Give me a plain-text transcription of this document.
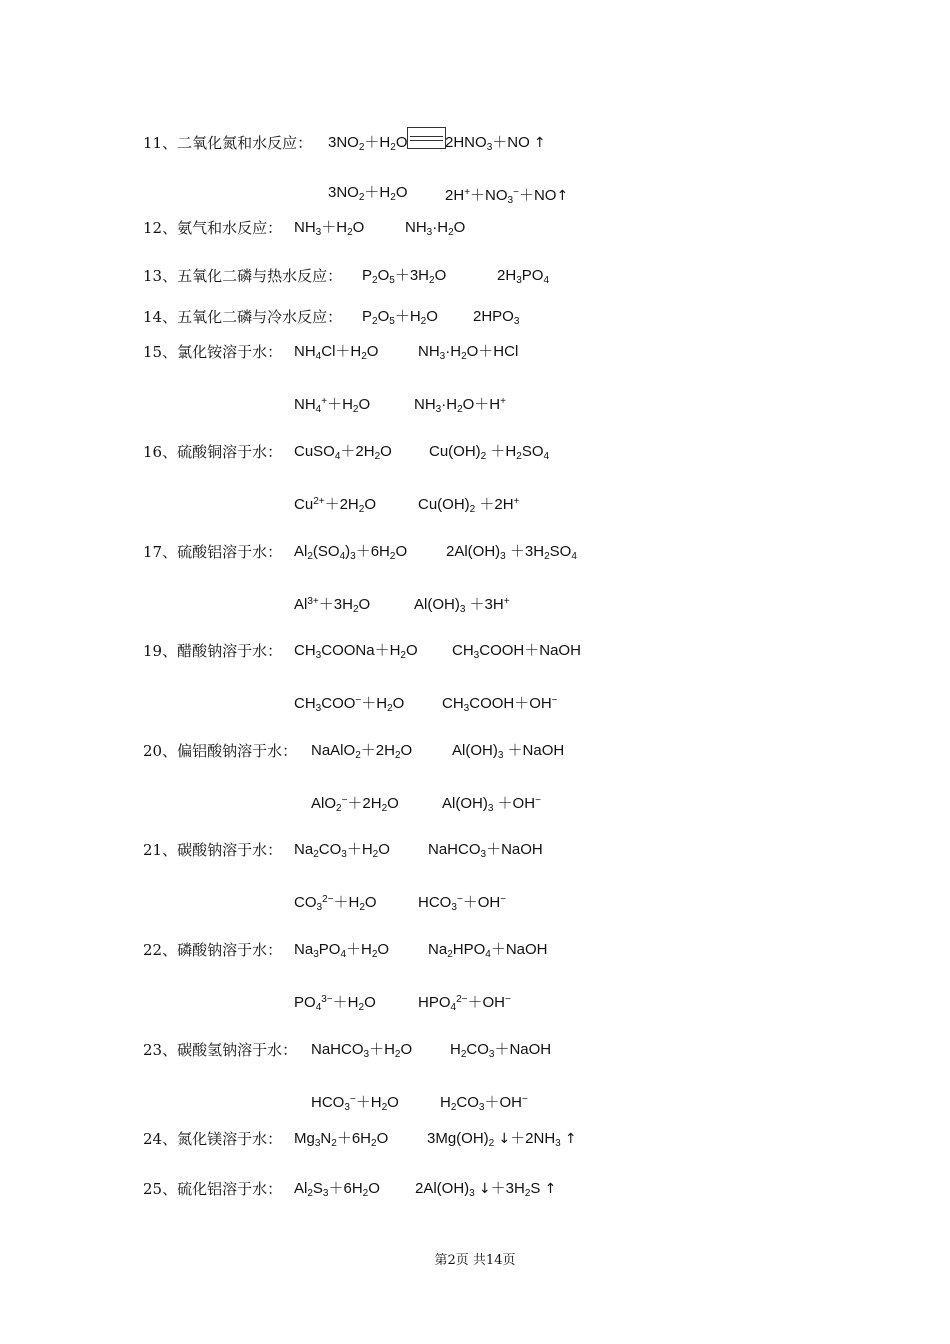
11、二氧化氮和水反应： $3NO_2+H_2O$	$2HNO_3+NO$ ↑
$3NO_2+H_2O$	$2H^++NO_3^-+NO↑$
12、氨气和水反应： $NH_3+H_2O$	$NH_3\cdot H_2O$
13、五氧化二磷与热水反应： $P_2O_5+3H_2O$	$2H_3PO_4$
14、五氧化二磷与冷水反应： $P_2O_5+H_2O$ $2HPO_3$
15、氯化铵溶于水： $NH_4Cl+H_2O$	$NH_3\cdot H_2O+HCl$
$NH_4^++H_2O$	$NH_3\cdot H_2O+H^+$
16、硫酸铜溶于水： $CuSO_4+2H_2O$ $Cu(OH)_2 +H_2SO_4$
$Cu^{2+}+2H_2O$	$Cu(OH)_2 +2H^+$
17、硫酸铝溶于水： $Al_2(SO_4)_3+6H_2O$	$2Al(OH)_3 +3H_2SO_4$
$Al^{3+}+3H_2O$	$Al(OH)_3 +3H^+$
19、醋酸钠溶于水： $CH_3COONa+H_2O$ $CH_3COOH+NaOH$
$CH_3COO^-+H_2O$	$CH_3COOH+OH^-$
20、偏铝酸钠溶于水： $NaAlO_2+2H_2O$	$Al(OH)_3$ ＋NaOH
$AlO_2^-+2H_2O$	$Al(OH)_3 +OH^-$
21、碳酸钠溶于水： $Na_2CO_3+H_2O$	NaHCO$_3$＋NaOH
$CO_3^{2-}+H_2O$	$HCO_3^-+OH^-$
22、磷酸钠溶于水： $Na_3PO_4+H_2O$	$Na_2HPO_4+NaOH$
$PO_4^{3-}+H_2O$	$HPO_4^{2-}+OH^-$
23、碳酸氢钠溶于水： $NaHCO_3+H_2O$	$H_2CO_3+NaOH$
$HCO_3^-+H_2O$	$H_2CO_3+OH^-$
24、氮化镁溶于水： $Mg_3N_2+6H_2O$	$3Mg(OH)_2$ $↓+2NH_3$ ↑
25、硫化铝溶于水： $Al_2S_3+6H_2O$ $2Al(OH)_3$ $↓+3H_2S$ ↑
第2页 共14页
